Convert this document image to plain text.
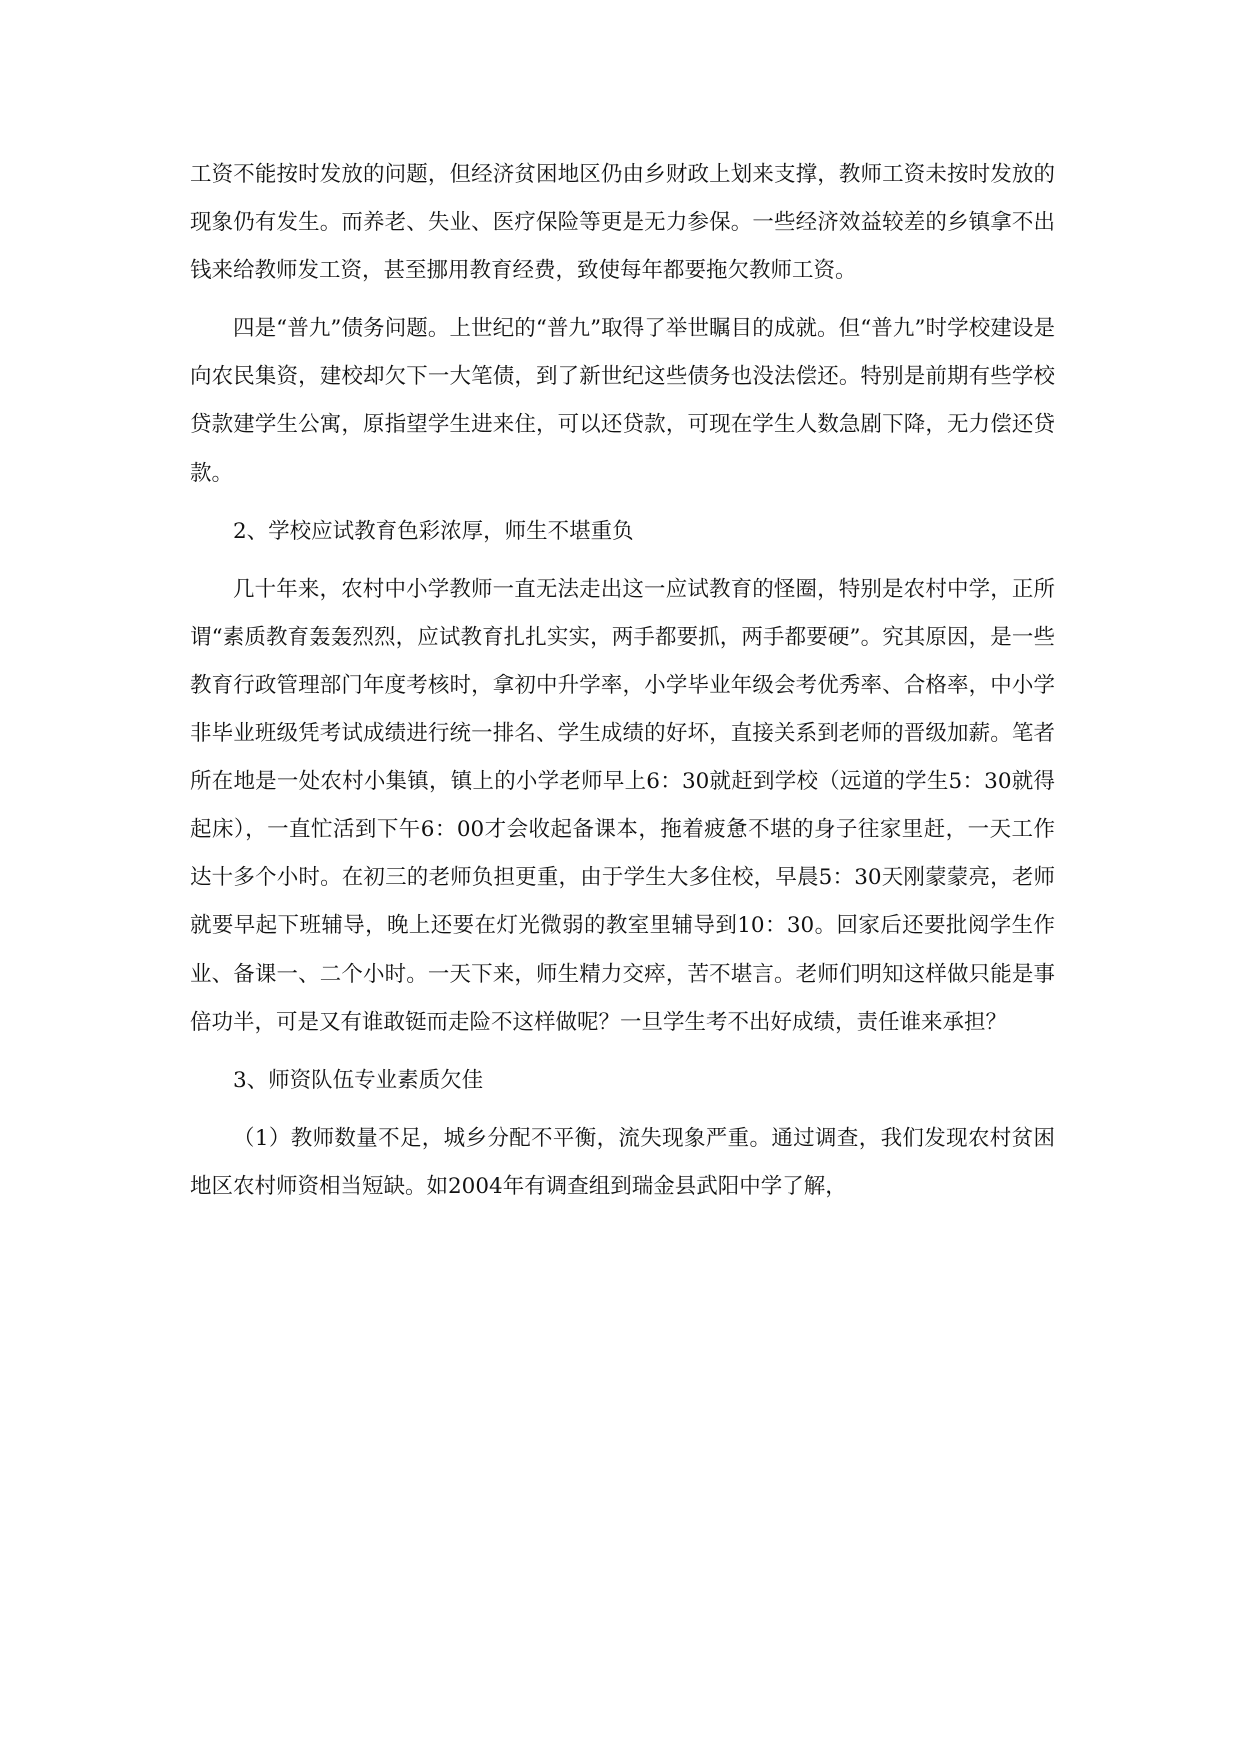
工资不能按时发放的问题，但经济贫困地区仍由乡财政上划来支撑，教师工资未按时发放的现象仍有发生。而养老、失业、医疗保险等更是无力参保。一些经济效益较差的乡镇拿不出钱来给教师发工资，甚至挪用教育经费，致使每年都要拖欠教师工资。

四是“普九”债务问题。上世纪的“普九”取得了举世瞩目的成就。但“普九”时学校建设是向农民集资，建校却欠下一大笔债，到了新世纪这些债务也没法偿还。特别是前期有些学校贷款建学生公寓，原指望学生进来住，可以还贷款，可现在学生人数急剧下降，无力偿还贷款。

2、学校应试教育色彩浓厚，师生不堪重负

几十年来，农村中小学教师一直无法走出这一应试教育的怪圈，特别是农村中学，正所谓“素质教育轰轰烈烈，应试教育扎扎实实，两手都要抓，两手都要硬”。究其原因，是一些教育行政管理部门年度考核时，拿初中升学率，小学毕业年级会考优秀率、合格率，中小学非毕业班级凭考试成绩进行统一排名、学生成绩的好坏，直接关系到老师的晋级加薪。笔者所在地是一处农村小集镇，镇上的小学老师早上6：30就赶到学校（远道的学生5：30就得起床），一直忙活到下午6：00才会收起备课本，拖着疲惫不堪的身子往家里赶，一天工作达十多个小时。在初三的老师负担更重，由于学生大多住校，早晨5：30天刚蒙蒙亮，老师就要早起下班辅导，晚上还要在灯光微弱的教室里辅导到10：30。回家后还要批阅学生作业、备课一、二个小时。一天下来，师生精力交瘁，苦不堪言。老师们明知这样做只能是事倍功半，可是又有谁敢铤而走险不这样做呢？一旦学生考不出好成绩，责任谁来承担？

3、师资队伍专业素质欠佳

（1）教师数量不足，城乡分配不平衡，流失现象严重。通过调查，我们发现农村贫困地区农村师资相当短缺。如2004年有调查组到瑞金县武阳中学了解，
